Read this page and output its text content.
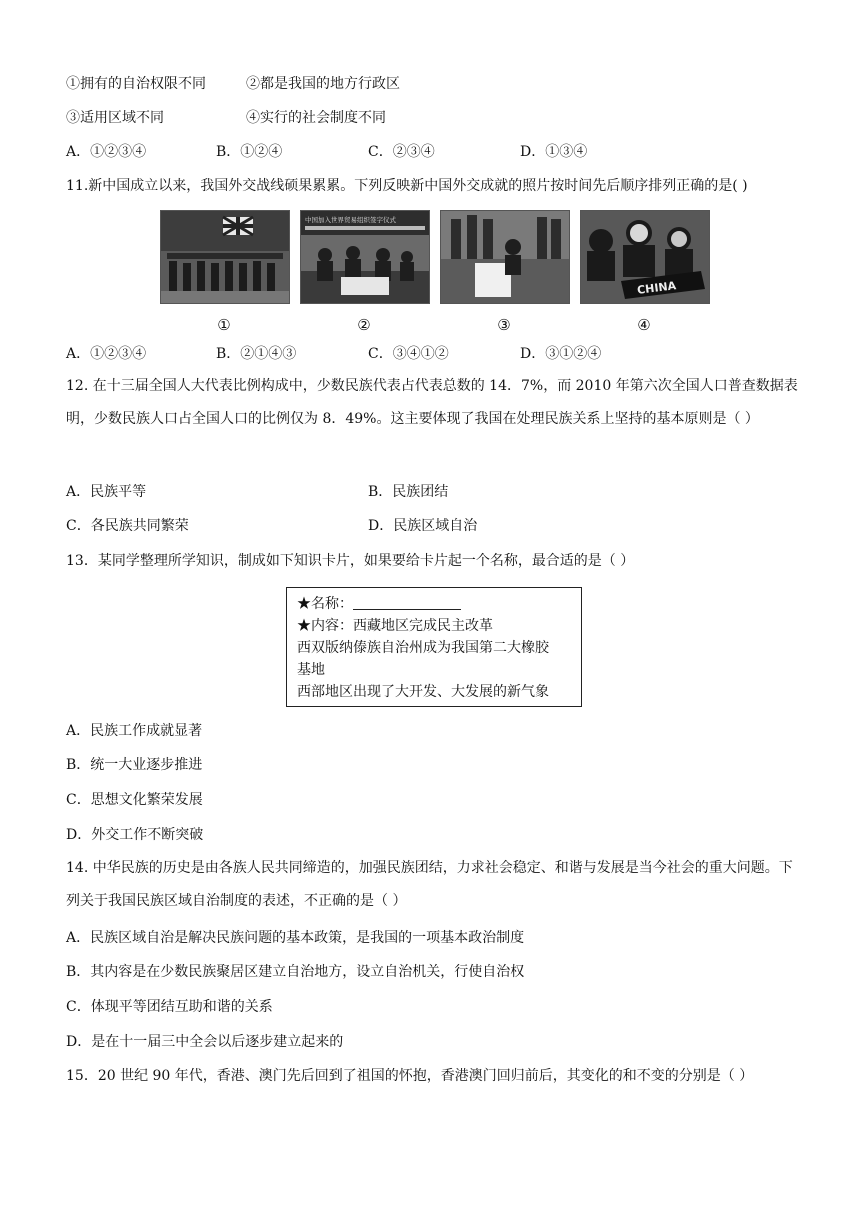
①拥有的自治权限不同	②都是我国的地方行政区
③适用区域不同	④实行的社会制度不同
A．①②③④	B．①②④	C．②③④	D．①③④
11.新中国成立以来，我国外交战线硕果累累。下列反映新中国外交成就的照片按时间先后顺序排列正确的是( )
中国加入世界贸易组织签字仪式
CHINA
①	②	③	④
A．①②③④	B．②①④③	C．③④①②	D．③①②④
12. 在十三届全国人大代表比例构成中，少数民族代表占代表总数的 14．7%，而 2010 年第六次全国人口普查数据表明，少数民族人口占全国人口的比例仅为 8．49%。这主要体现了我国在处理民族关系上坚持的基本原则是（ ）
A．民族平等	B．民族团结
C．各民族共同繁荣	D．民族区域自治
13．某同学整理所学知识，制成如下知识卡片，如果要给卡片起一个名称，最合适的是（ ）
★名称：
★内容：西藏地区完成民主改革
西双版纳傣族自治州成为我国第二大橡胶
基地
西部地区出现了大开发、大发展的新气象
A．民族工作成就显著
B．统一大业逐步推进
C．思想文化繁荣发展
D．外交工作不断突破
14. 中华民族的历史是由各族人民共同缔造的，加强民族团结，力求社会稳定、和谐与发展是当今社会的重大问题。下列关于我国民族区域自治制度的表述，不正确的是（ ）
A．民族区域自治是解决民族问题的基本政策，是我国的一项基本政治制度
B．其内容是在少数民族聚居区建立自治地方，设立自治机关，行使自治权
C．体现平等团结互助和谐的关系
D．是在十一届三中全会以后逐步建立起来的
15．20 世纪 90 年代，香港、澳门先后回到了祖国的怀抱，香港澳门回归前后，其变化的和不变的分别是（ ）
